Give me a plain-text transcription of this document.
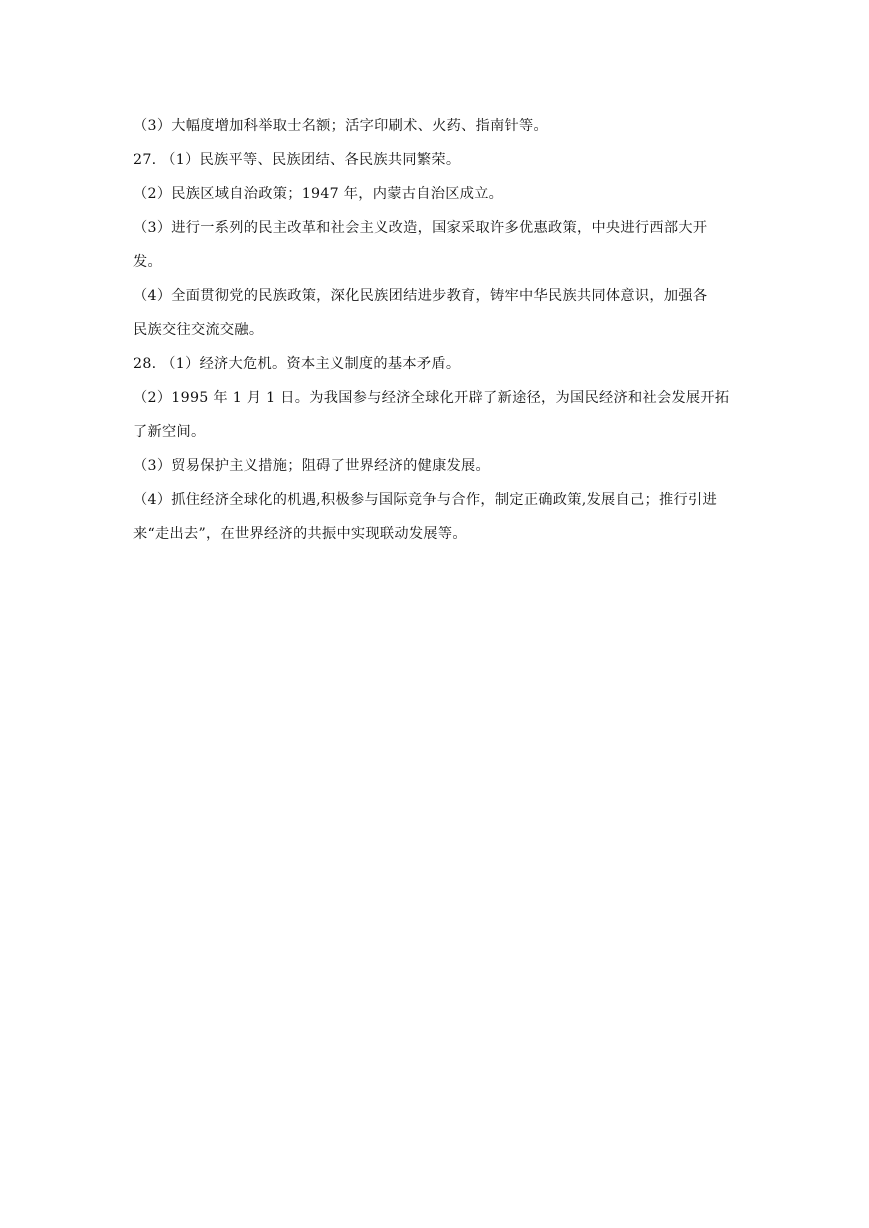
（3）大幅度增加科举取士名额；活字印刷术、火药、指南针等。
27. （1）民族平等、民族团结、各民族共同繁荣。
（2）民族区域自治政策；1947 年，内蒙古自治区成立。
（3）进行一系列的民主改革和社会主义改造，国家采取许多优惠政策，中央进行西部大开
发。
（4）全面贯彻党的民族政策，深化民族团结进步教育，铸牢中华民族共同体意识，加强各
民族交往交流交融。
28. （1）经济大危机。资本主义制度的基本矛盾。
（2）1995 年 1 月 1 日。为我国参与经济全球化开辟了新途径，为国民经济和社会发展开拓
了新空间。
（3）贸易保护主义措施；阻碍了世界经济的健康发展。
（4）抓住经济全球化的机遇,积极参与国际竞争与合作，制定正确政策,发展自己；推行引进
来“走出去”，在世界经济的共振中实现联动发展等。
